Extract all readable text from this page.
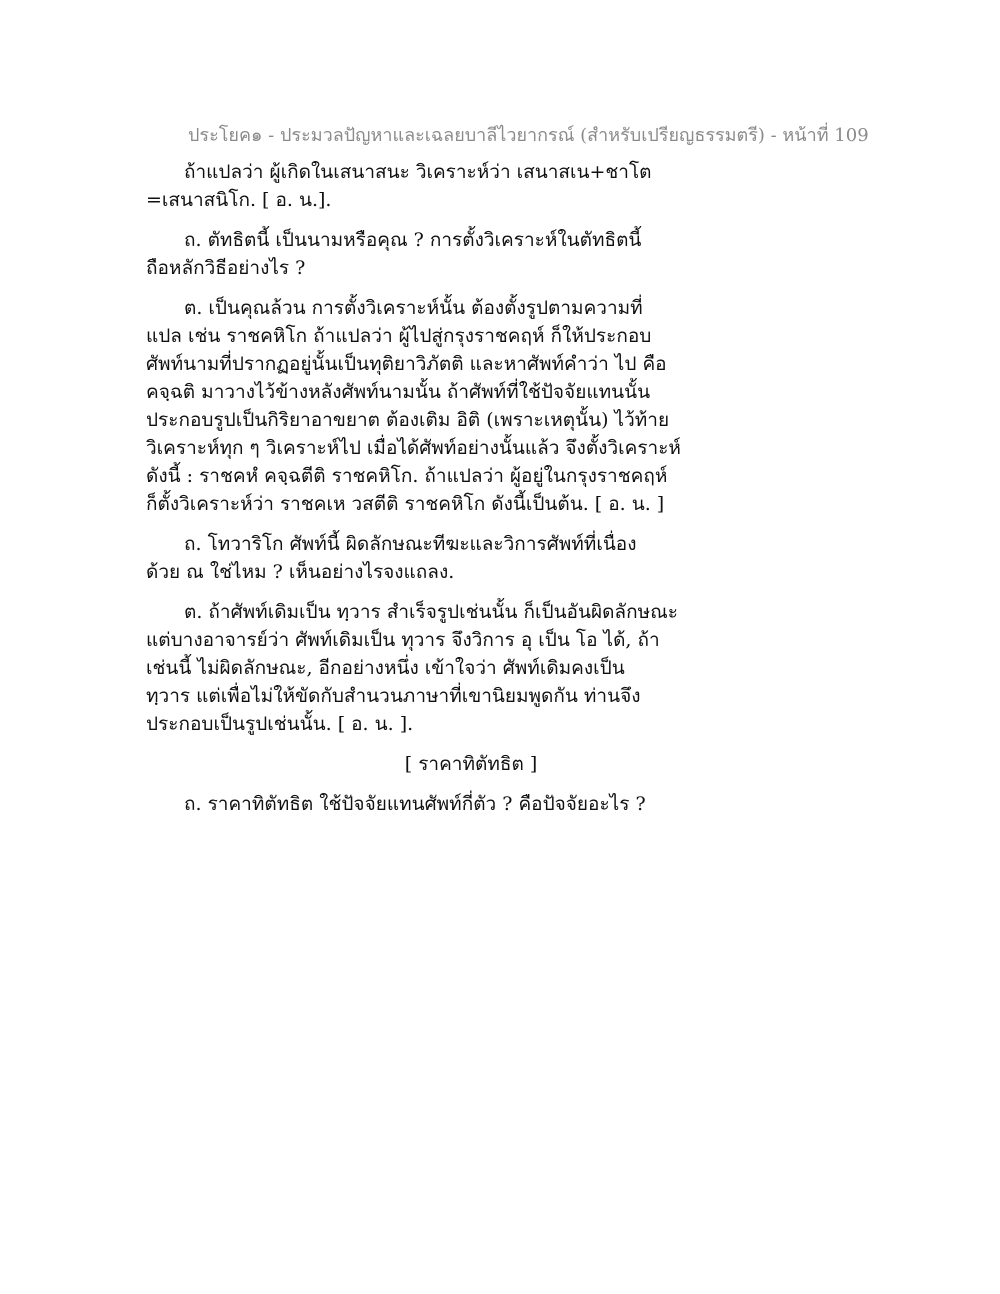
ประโยค๑ - ประมวลปัญหาและเฉลยบาลีไวยากรณ์ (สำหรับเปรียญธรรมตรี) - หน้าที่ 109

ถ้าแปลว่า ผู้เกิดในเสนาสนะ วิเคราะห์ว่า เสนาสเน+ชาโต

=เสนาสนิโก. [ อ. น.].

ถ. ตัทธิตนี้ เป็นนามหรือคุณ ? การตั้งวิเคราะห์ในตัทธิตนี้

ถือหลักวิธีอย่างไร ?

ต. เป็นคุณล้วน การตั้งวิเคราะห์นั้น ต้องตั้งรูปตามความที่

แปล เช่น ราชคหิโก ถ้าแปลว่า ผู้ไปสู่กรุงราชคฤห์ ก็ให้ประกอบ

ศัพท์นามที่ปรากฏอยู่นั้นเป็นทุติยาวิภัตติ และหาศัพท์คำว่า ไป คือ

คจฺฉติ มาวางไว้ข้างหลังศัพท์นามนั้น ถ้าศัพท์ที่ใช้ปัจจัยแทนนั้น

ประกอบรูปเป็นกิริยาอาขยาต ต้องเติม อิติ (เพราะเหตุนั้น) ไว้ท้าย

วิเคราะห์ทุก ๆ วิเคราะห์ไป เมื่อได้ศัพท์อย่างนั้นแล้ว จึงตั้งวิเคราะห์

ดังนี้ : ราชคหํ คจฺฉตีติ ราชคหิโก. ถ้าแปลว่า ผู้อยู่ในกรุงราชคฤห์

ก็ตั้งวิเคราะห์ว่า ราชคเห วสตีติ ราชคหิโก ดังนี้เป็นต้น. [ อ. น. ]

ถ. โทวาริโก ศัพท์นี้ ผิดลักษณะทีฆะและวิการศัพท์ที่เนื่อง

ด้วย ณ ใช่ไหม ? เห็นอย่างไรจงแถลง.

ต. ถ้าศัพท์เดิมเป็น ทฺวาร สำเร็จรูปเช่นนั้น ก็เป็นอันผิดลักษณะ

แต่บางอาจารย์ว่า ศัพท์เดิมเป็น ทุวาร จึงวิการ อุ เป็น โอ ได้, ถ้า

เช่นนี้ ไม่ผิดลักษณะ, อีกอย่างหนึ่ง เข้าใจว่า ศัพท์เดิมคงเป็น

ทฺวาร แต่เพื่อไม่ให้ขัดกับสำนวนภาษาที่เขานิยมพูดกัน ท่านจึง

ประกอบเป็นรูปเช่นนั้น. [ อ. น. ].

[ ราคาทิตัทธิต ]

ถ. ราคาทิตัทธิต ใช้ปัจจัยแทนศัพท์กี่ตัว ? คือปัจจัยอะไร ?
